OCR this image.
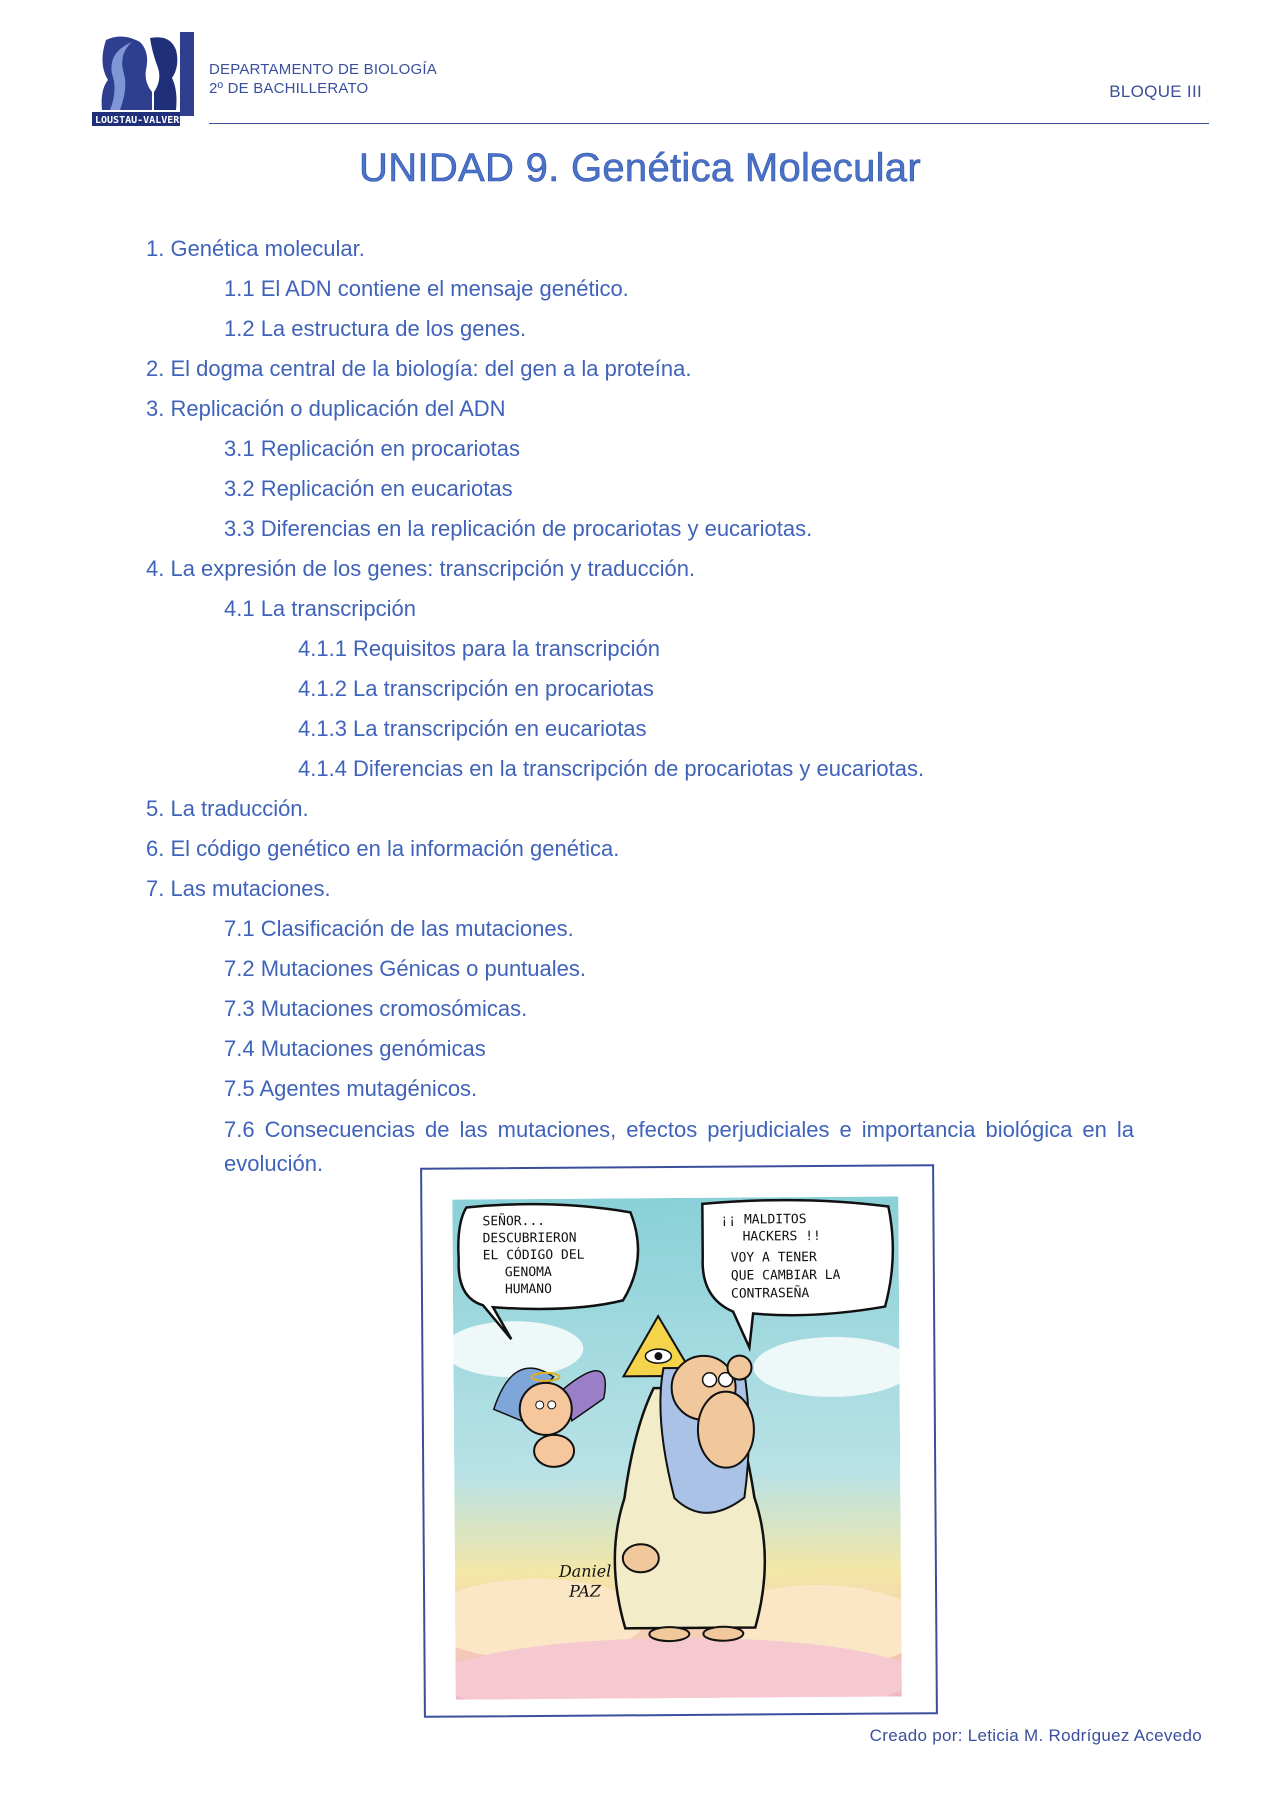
LOUSTAU-VALVERDE
DEPARTAMENTO DE BIOLOGÍA
2º DE BACHILLERATO	BLOQUE III
UNIDAD 9. Genética Molecular
1. Genética molecular.
1.1 El ADN contiene el mensaje genético.
1.2 La estructura de los genes.
2. El dogma central de la biología: del gen a la proteína.
3. Replicación o duplicación del ADN
3.1 Replicación en procariotas
3.2 Replicación en eucariotas
3.3 Diferencias en la replicación de procariotas y eucariotas.
4. La expresión de los genes: transcripción y traducción.
4.1 La transcripción
4.1.1 Requisitos para la transcripción
4.1.2 La transcripción en procariotas
4.1.3 La transcripción en eucariotas
4.1.4 Diferencias en la transcripción de procariotas y eucariotas.
5. La traducción.
6. El código genético en la información genética.
7. Las mutaciones.
7.1 Clasificación de las mutaciones.
7.2 Mutaciones Génicas o puntuales.
7.3 Mutaciones cromosómicas.
7.4 Mutaciones genómicas
7.5 Agentes mutagénicos.
7.6 Consecuencias de las mutaciones, efectos perjudiciales e importancia biológica en la evolución.
SEÑOR... DESCUBRIERON EL CÓDIGO DEL GENOMA HUMANO
¡¡ MALDITOS HACKERS !! VOY A TENER QUE CAMBIAR LA CONTRASEÑA
Daniel PAZ
Creado por: Leticia M. Rodríguez Acevedo
